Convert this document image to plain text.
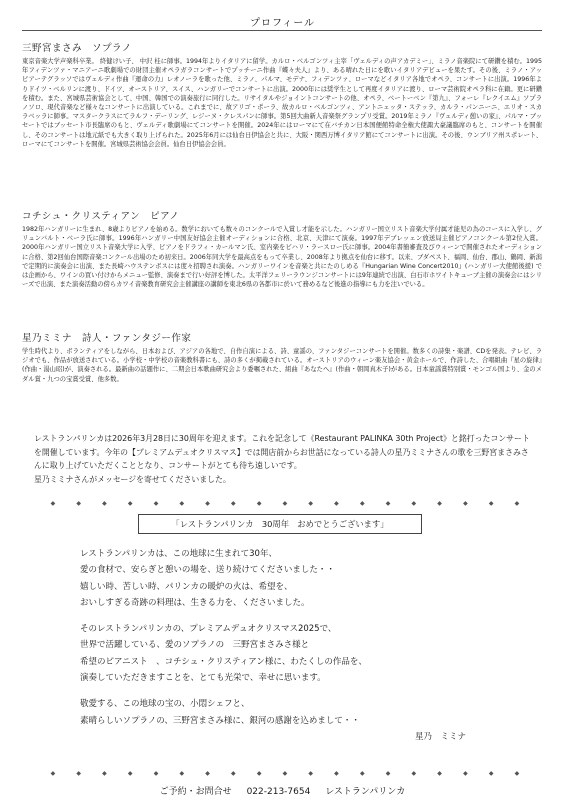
プロフィール
三野宮まさみ　ソプラノ

東京音楽大学声楽科卒業。 終健けい子、 中沢 桂に師事。1994年よりイタリアに留学。カルロ・ベルゴンツィ主宰「ヴェルディの声アカデミー」、ミラノ音楽院にて研鑽を積む。1995年フィデンツァ・マニアーニ歌劇場での財団主催オペラガラコンサートでプッチーニ作曲『蝶々夫人』より、ある晴れた日にを歌いイタリアデビューを果たす。その後、ミラノ・アッピアーテグラッソではヴェルディ作曲『運命の力』レオノーラを歌った他、ミラノ、パルマ、モデナ、フィデンツァ、ローマなどイタリア各地でオペラ、コンサートに出演。1996年よりドイツ・ベルリンに渡り、ドイツ、オーストリア、スイス、ハンガリーでコンサートに出演。2000年には奨学生として再度イタリアに渡り、ローマ芸術院オペラ科に在籍。更に研鑽を積む。また、宮城県芸術協会として、中国、韓国での演奏旅行に同行した。リサイタルやジョイントコンサートの他、オペラ、ベートーベン『第九』、フォーレ『レクイエム』ソプラノソロ、現代音楽など様々なコンサートに出演している。これまでに、故アリゴ・ポーラ、故カルロ・ベルゴンツィ、アントニェッタ・ステッラ、カルラ・パンニーニ、エリオ・スカラベッラに師事。マスタークラスにてラルフ・デーリング、レジーヌ・クレスパンに師事。第5回大曲新人音楽祭グランプリ受賞。2019年ミラノ『ヴェルディ憩いの家』、パルマ・ブッセートではブッセート市長臨席のもと、ヴェルディ歌劇場にてコンサートを開催。2024年にはローマにて在バチカン日本国便館特命全権大使諏大豪議臨席のもと、コンサートを開催し、そのコンサートは地元紙でも大きく取り上げられた。2025年6月には仙台日伊協会と共に、大阪・関西万博イタリア館にてコンサートに出演。その後、ウンブリア州スポレート、ローマにてコンサートを開催。宮城県芸術協会会員。仙台日伊協会会員。

コチシュ・クリスティアン　ピアノ

1982年ハンガリーに生まれ、8歳よりピアノを始める。数学においても数々のコンクールで入賞し才能を示した。ハンガリー国立リスト音楽大学付属才能児の為のコースに入学し、グリュンバルト・ベーラ氏に師事。1996年ハンガリー中国友好協会主催オーディションに合格、北京、天津にて演奏。1997年デブレッェン放送局主催ピアノコンクール第2位入賞。2000年ハンガリー国立リスト音楽大学に入学、ピアノをドラフィ・カールマン氏、室内楽をピハリ・ラースロー氏に師事。2004年書簡審査及びウィーンで開催されたオーディションに合格、第2回仙台国際音楽コンクール出場のため初来日。2006年同大学を最高点をもって卒業し、2008年より拠点を仙台に移す。以来、ブダペスト、福岡、仙台、郡山、鶴岡、新潟で定期的に演奏会に出演、また長崎ハウステンボスには度々招聘され演奏。ハンガリーワインを音楽と共にたのしめる『Hungarian Wine Concert2010』(ハンガリー大使館後援) では企画から、ワインの買い付けからメニュー監修、演奏まで行い好評を博した。太平洋フェリーラウンジコンサートには9年連続で出演、白石市ホワイトキューブ主催の演奏会にはシリーズで出演、また演奏活動の傍らカワイ音楽教育研究会主催講座の講師を東北6県の各都市に於いて務めるなど後進の指導にも力を注いでいる。

星乃ミミナ　詩人・ファンタジー作家

学生時代より、ボランティアをしながら、日本および、アジアの各地で、自作自演による、詩、童謡の、ファンタジーコンサートを開催。数多くの詩集・楽譜、CDを発表。テレビ、ラジオでも、作品が放送されている。小学校・中学校の音楽教科書にも、詩の多くが掲載されている。オーストリアのウィーン楽友協会・黄金ホールで、作詩した、合唱組曲『星の旋律』(作曲・湯山昭)が、演奏される。最新曲の話題作に、二期会日本歌曲研究会より委嘱された、組曲『あなたへ』(作曲・朝岡真木子)がある。日本童謡賞特別賞・モンゴル国より、金のメダル賞・九つの宝賞受賞、他多数。

レストランパリンカは2026年3月28日に30周年を迎えます。これを記念して《Restaurant PALINKA 30th Project》と銘打ったコンサートを開催しています。今年の【プレミアムデュオクリスマス】では開店前からお世話になっている詩人の星乃ミミナさんの歌を三野宮まさみさんに取り上げていただくこととなり、コンサートがとても待ち遠しいです。

星乃ミミナさんがメッセージを寄せてくださいました。

◆	◆	◆	◆	◆	◆	◆	◆	◆	◆	◆	◆	◆	◆	◆	◆	◆	◆	◆
「レストランパリンカ　30周年　おめでとうございます」
レストランパリンカは、この地球に生まれて30年、
愛の食材で、安らぎと憩いの場を、送り続けてくださいました・・
嬉しい時、苦しい時、パリンカの暖炉の火は、希望を、
おいしすぎる奇跡の料理は、生きる力を、くださいました。
そのレストランパリンカの、プレミアムデュオクリスマス2025で、
世界で活躍している、愛のソプラノの　三野宮まさみさ様と
希望のピアニスト　、コチシュ・クリスティアン様に、わたくしの作品を、
演奏していただきますことを、とても光栄で、幸せに思います。
敬愛する、この地球の宝の、小悶シェフと、
素晴らしいソプラノの、三野宮まさみ様に、銀河の感謝を込めまして・・
星乃　ミミナ
◆	◆	◆	◆	◆	◆	◆	◆	◆	◆	◆	◆	◆	◆	◆	◆	◆	◆	◆
ご予約・お問合せ 022-213-7654 レストランパリンカ
